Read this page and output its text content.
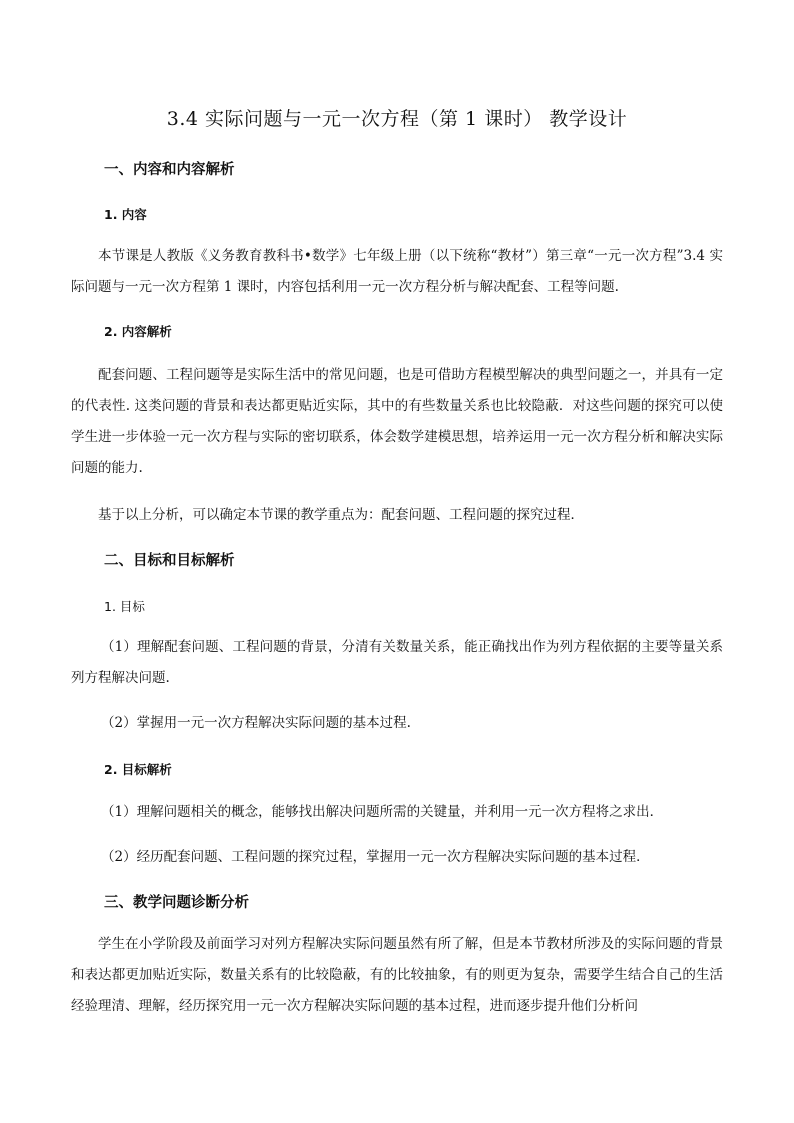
3.4 实际问题与一元一次方程（第 1 课时） 教学设计
一、内容和内容解析
1. 内容

本节课是人教版《义务教育教科书•数学》七年级上册（以下统称“教材”）第三章“一元一次方程”3.4 实际问题与一元一次方程第 1 课时，内容包括利用一元一次方程分析与解决配套、工程等问题.

2. 内容解析

配套问题、工程问题等是实际生活中的常见问题，也是可借助方程模型解决的典型问题之一，并具有一定的代表性. 这类问题的背景和表达都更贴近实际，其中的有些数量关系也比较隐蔽．对这些问题的探究可以使学生进一步体验一元一次方程与实际的密切联系，体会数学建模思想，培养运用一元一次方程分析和解决实际问题的能力.

基于以上分析，可以确定本节课的教学重点为：配套问题、工程问题的探究过程．

二、目标和目标解析
1. 目标

（1）理解配套问题、工程问题的背景，分清有关数量关系，能正确找出作为列方程依据的主要等量关系列方程解决问题.

（2）掌握用一元一次方程解决实际问题的基本过程.

2. 目标解析

（1）理解问题相关的概念，能够找出解决问题所需的关键量，并利用一元一次方程将之求出．

（2）经历配套问题、工程问题的探究过程，掌握用一元一次方程解决实际问题的基本过程．

三、教学问题诊断分析

学生在小学阶段及前面学习对列方程解决实际问题虽然有所了解，但是本节教材所涉及的实际问题的背景和表达都更加贴近实际，数量关系有的比较隐蔽，有的比较抽象，有的则更为复杂，需要学生结合自己的生活经验理清、理解，经历探究用一元一次方程解决实际问题的基本过程，进而逐步提升他们分析问
